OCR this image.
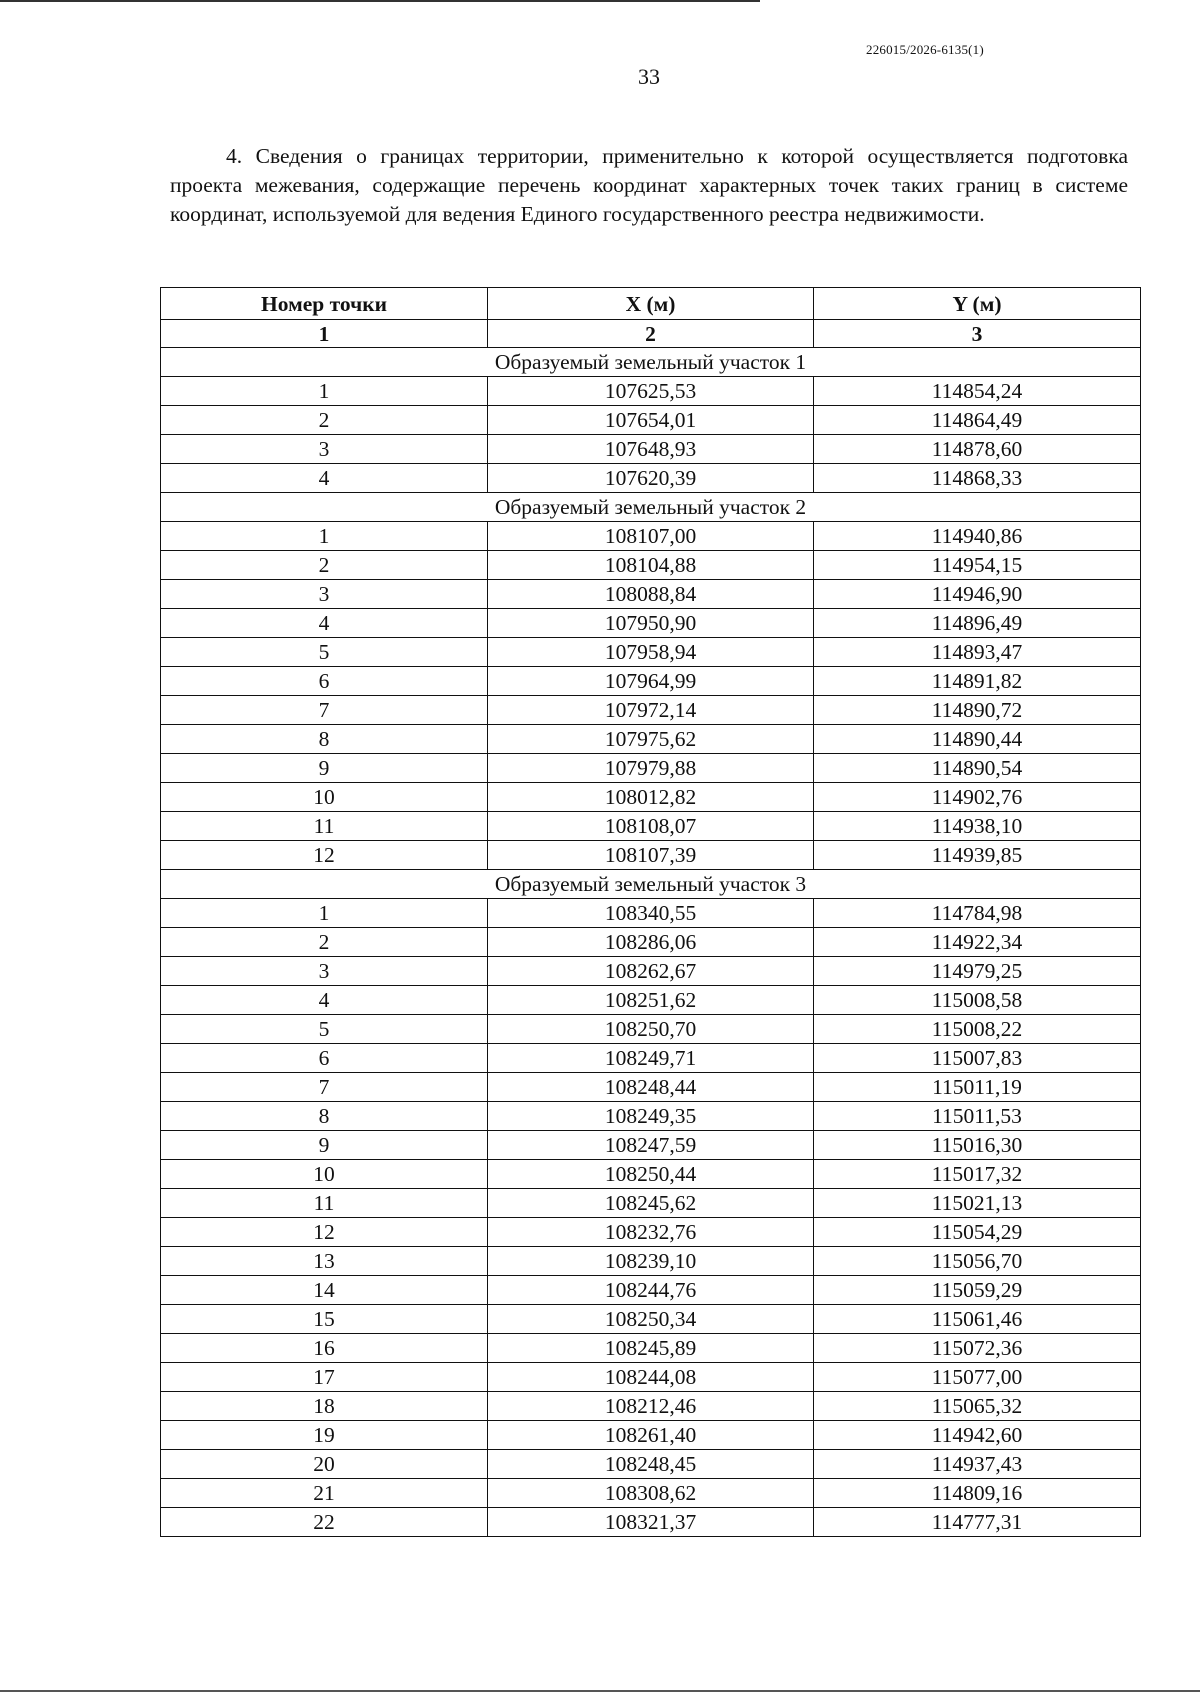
226015/2026-6135(1)
33

4. Сведения о границах территории, применительно к которой осуществляется подготовка проекта межевания, содержащие перечень координат характерных точек таких границ в системе координат, используемой для ведения Единого государственного реестра недвижимости.

Номер точки	X (м)	Y (м)
1	2	3
Образуемый земельный участок 1		
1	107625,53	114854,24
2	107654,01	114864,49
3	107648,93	114878,60
4	107620,39	114868,33
Образуемый земельный участок 2		
1	108107,00	114940,86
2	108104,88	114954,15
3	108088,84	114946,90
4	107950,90	114896,49
5	107958,94	114893,47
6	107964,99	114891,82
7	107972,14	114890,72
8	107975,62	114890,44
9	107979,88	114890,54
10	108012,82	114902,76
11	108108,07	114938,10
12	108107,39	114939,85
Образуемый земельный участок 3		
1	108340,55	114784,98
2	108286,06	114922,34
3	108262,67	114979,25
4	108251,62	115008,58
5	108250,70	115008,22
6	108249,71	115007,83
7	108248,44	115011,19
8	108249,35	115011,53
9	108247,59	115016,30
10	108250,44	115017,32
11	108245,62	115021,13
12	108232,76	115054,29
13	108239,10	115056,70
14	108244,76	115059,29
15	108250,34	115061,46
16	108245,89	115072,36
17	108244,08	115077,00
18	108212,46	115065,32
19	108261,40	114942,60
20	108248,45	114937,43
21	108308,62	114809,16
22	108321,37	114777,31
